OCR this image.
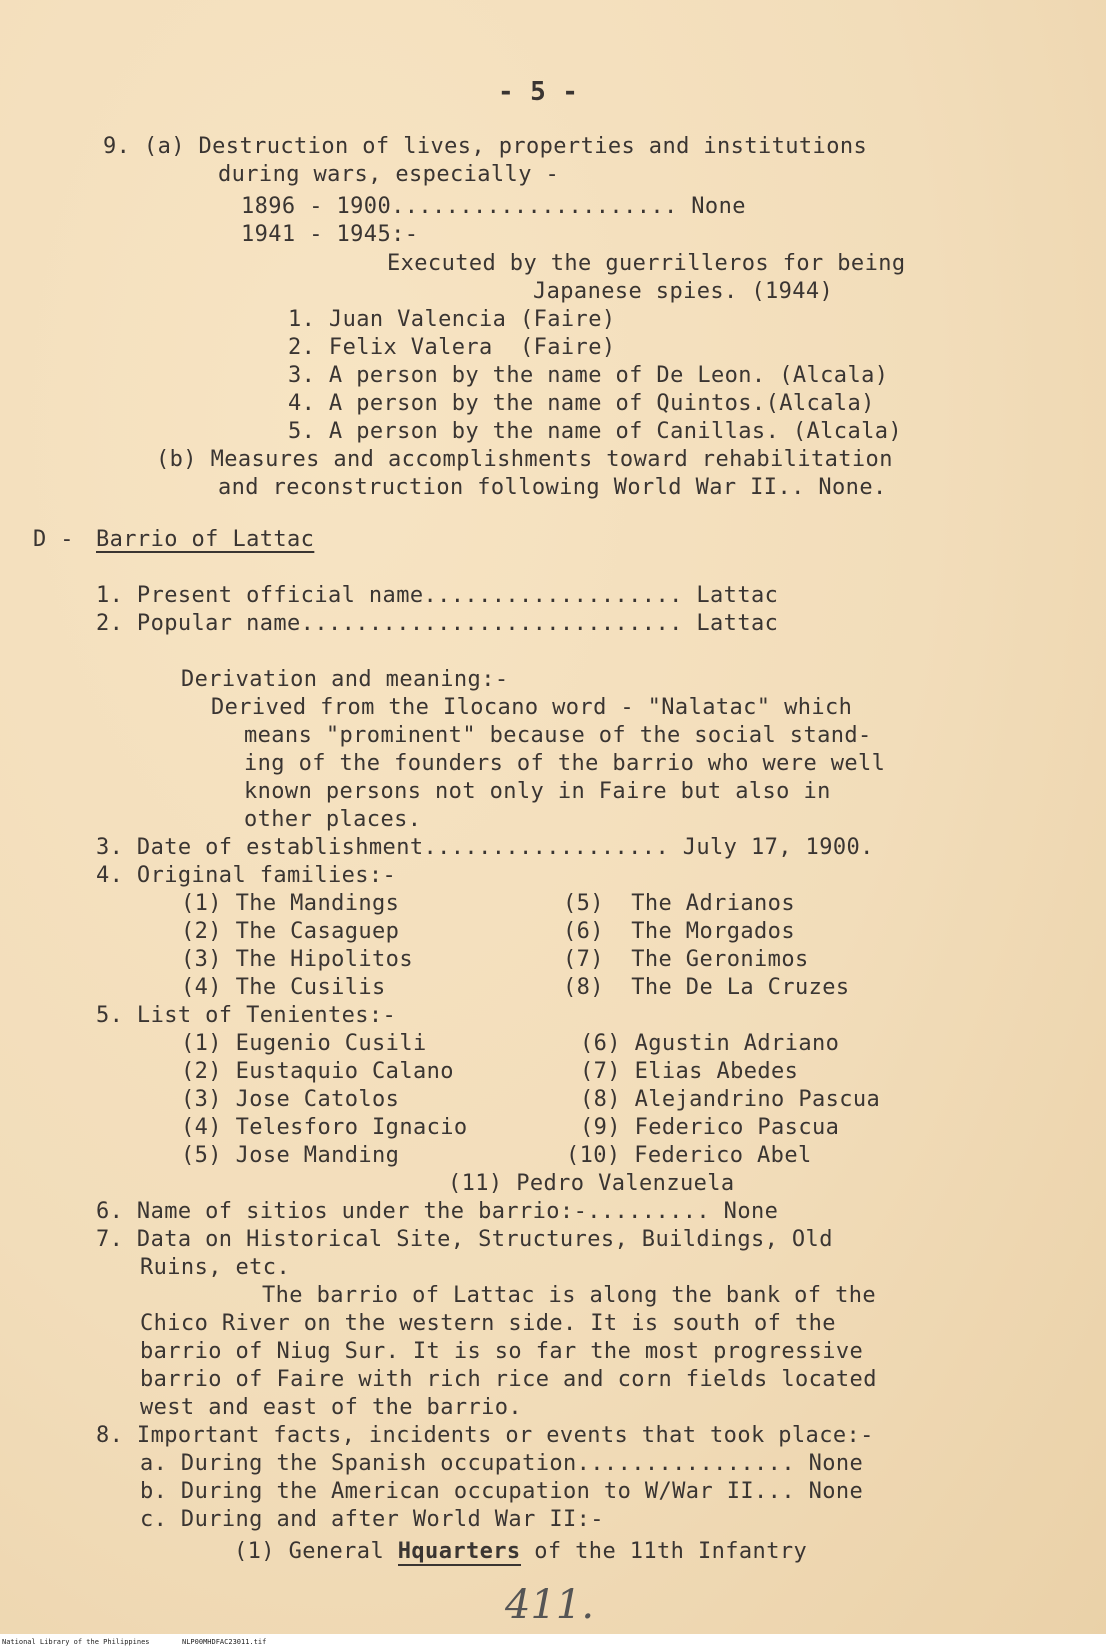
- 5 -
9. (a) Destruction of lives, properties and institutions
during wars, especially -
1896 - 1900..................... None
1941 - 1945:-
Executed by the guerrilleros for being
Japanese spies. (1944)
1. Juan Valencia (Faire)
2. Felix Valera  (Faire)
3. A person by the name of De Leon. (Alcala)
4. A person by the name of Quintos.(Alcala)
5. A person by the name of Canillas. (Alcala)
(b) Measures and accomplishments toward rehabilitation
and reconstruction following World War II.. None.
D - Barrio of Lattac
1. Present official name................... Lattac
2. Popular name............................ Lattac
Derivation and meaning:-
Derived from the Ilocano word - "Nalatac" which
means "prominent" because of the social stand-
ing of the founders of the barrio who were well
known persons not only in Faire but also in
other places.
3. Date of establishment.................. July 17, 1900.
4. Original families:-
(1) The Mandings
(2) The Casaguep
(3) The Hipolitos
(4) The Cusilis
(5)  The Adrianos
(6)  The Morgados
(7)  The Geronimos
(8)  The De La Cruzes
5. List of Tenientes:-
(1) Eugenio Cusili
(2) Eustaquio Calano
(3) Jose Catolos
(4) Telesforo Ignacio
(5) Jose Manding
(6) Agustin Adriano
(7) Elias Abedes
(8) Alejandrino Pascua
(9) Federico Pascua
(10) Federico Abel
(11) Pedro Valenzuela
6. Name of sitios under the barrio:-......... None
7. Data on Historical Site, Structures, Buildings, Old
Ruins, etc.
The barrio of Lattac is along the bank of the
Chico River on the western side. It is south of the
barrio of Niug Sur. It is so far the most progressive
barrio of Faire with rich rice and corn fields located
west and east of the barrio.
8. Important facts, incidents or events that took place:-
a. During the Spanish occupation................ None
b. During the American occupation to W/War II... None
c. During and after World War II:-
(1) General Hquarters of the 11th Infantry
411.
National Library of the Philippines	NLP00MHDFAC23011.tif
